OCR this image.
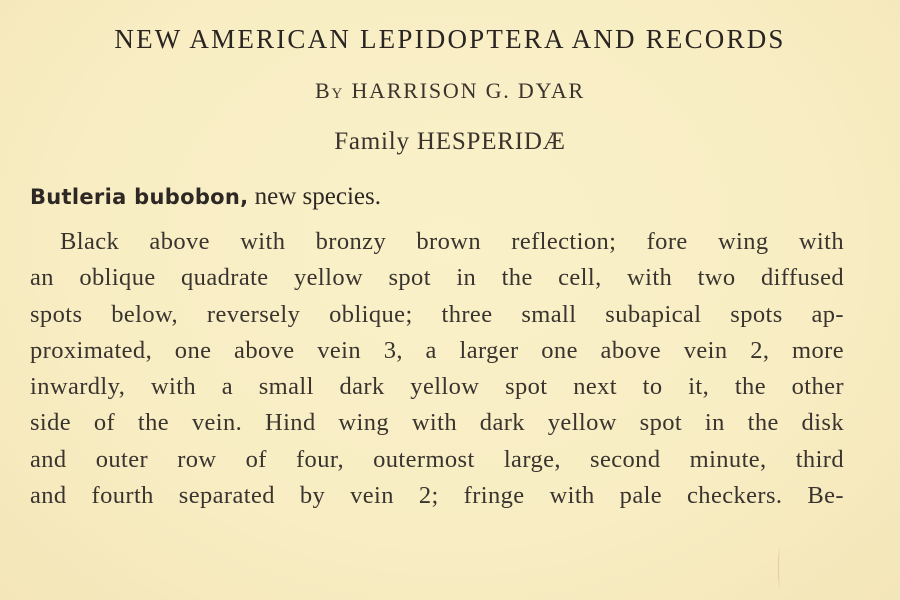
NEW AMERICAN LEPIDOPTERA AND RECORDS
By HARRISON G. DYAR
Family HESPERIDÆ
Butleria bubobon, new species.
Black above with bronzy brown reflection; fore wing with
an oblique quadrate yellow spot in the cell, with two diffused
spots below, reversely oblique; three small subapical spots ap-
proximated, one above vein 3, a larger one above vein 2, more
inwardly, with a small dark yellow spot next to it, the other
side of the vein. Hind wing with dark yellow spot in the disk
and outer row of four, outermost large, second minute, third
and fourth separated by vein 2; fringe with pale checkers. Be-
